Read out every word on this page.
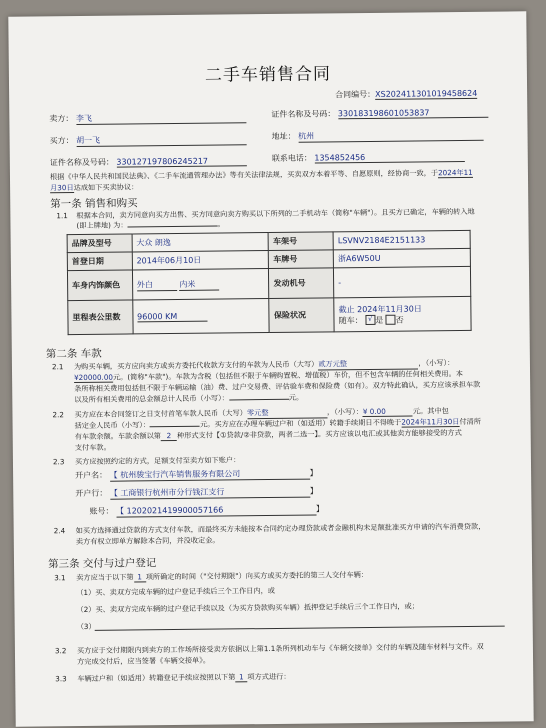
二手车销售合同
合同编号：XS202411301019458624
卖方： 李飞	证件名称及号码： 330183198601053837
买方： 胡一飞	地址： 杭州
证件名称及号码： 330127197806245217	联系电话： 1354852456
根据《中华人民共和国民法典》、《二手车流通管理办法》等有关法律法规，买卖双方本着平等、自愿原则，经协商一致，于2024年11
月30日达成如下买卖协议：
第一条 销售和购买
1.1 根据本合同，卖方同意向买方出售、买方同意向卖方购买以下所列的二手机动车（简称"车辆"）。且买方已确定，车辆的转入地
(即上牌地) 为：	。
品牌及型号	大众 朗逸	车架号	LSVNV2184E2151133
首登日期	2014年06月10日	车牌号	浙A6W50U
车身内饰颜色	外白 内米	发动机号	-
里程表公里数	96000 KM	保险状况	截止 2024年11月30日
随车： √ 是 否
第二条 车款
2.1 为购买车辆，买方应向卖方或卖方委托代收款方支付的车款为人民币（大写）贰万元整	，（小写）：
¥20000.00元。(简称"车款")。车款为含税（包括但不限于车辆购置税、增值税）车价，但不包含车辆的任何相关费用。本
条所称相关费用包括但不限于车辆运输（油）费、过户交易费、评估验车费和保险费（如有）。双方特此确认，买方应该承担车款
以及所有相关费用的总金额总计人民币（小写）：	元。
2.2 买方应在本合同签订之日支付首笔车款人民币（大写）零元整	，（小写）：¥ 0.00	元。其中包
括定金人民币（小写）：	元。买方应在办理车辆过户和（如适用）转籍手续期日不得晚于2024年11月30日付清所
有车款余额。车款余额以第 2 种形式支付【①贷款/②非贷款，两者二选一】。买方应该以电汇或其他卖方能够接受的方式
支付车款。
2.3 买方应按照约定的方式，足额支付至卖方如下账户：
开户名： 【 杭州骏宝行汽车销售服务有限公司	】
开户行： 【 工商银行杭州市分行钱江支行	】
账号： 【 1202021419900057166	】
2.4 如买方选择通过贷款的方式支付车款，而最终买方未能按本合同约定办理贷款或者金融机构未足额批准买方申请的汽车消费贷款，
卖方有权立即单方解除本合同，并没收定金。
第三条 交付与过户登记
3.1 卖方应当于以下第 1 项所确定的时间（"交付期限"）向买方或买方委托的第三人交付车辆：
（1）买、卖双方完成车辆的过户登记手续后三个工作日内，或
（2）买、卖双方完成车辆的过户登记手续以及（为买方贷款购买车辆）抵押登记手续后三个工作日内，或；
（3）
3.2 买方应于交付期限内到卖方的工作场所接受卖方依据以上第1.1条所列机动车与《车辆交接单》交付的车辆及随车材料与文件。双
方完成交付后，应当签署《车辆交接单》。
3.3 车辆过户和（如适用）转籍登记手续应按照以下第 1 项方式进行：
